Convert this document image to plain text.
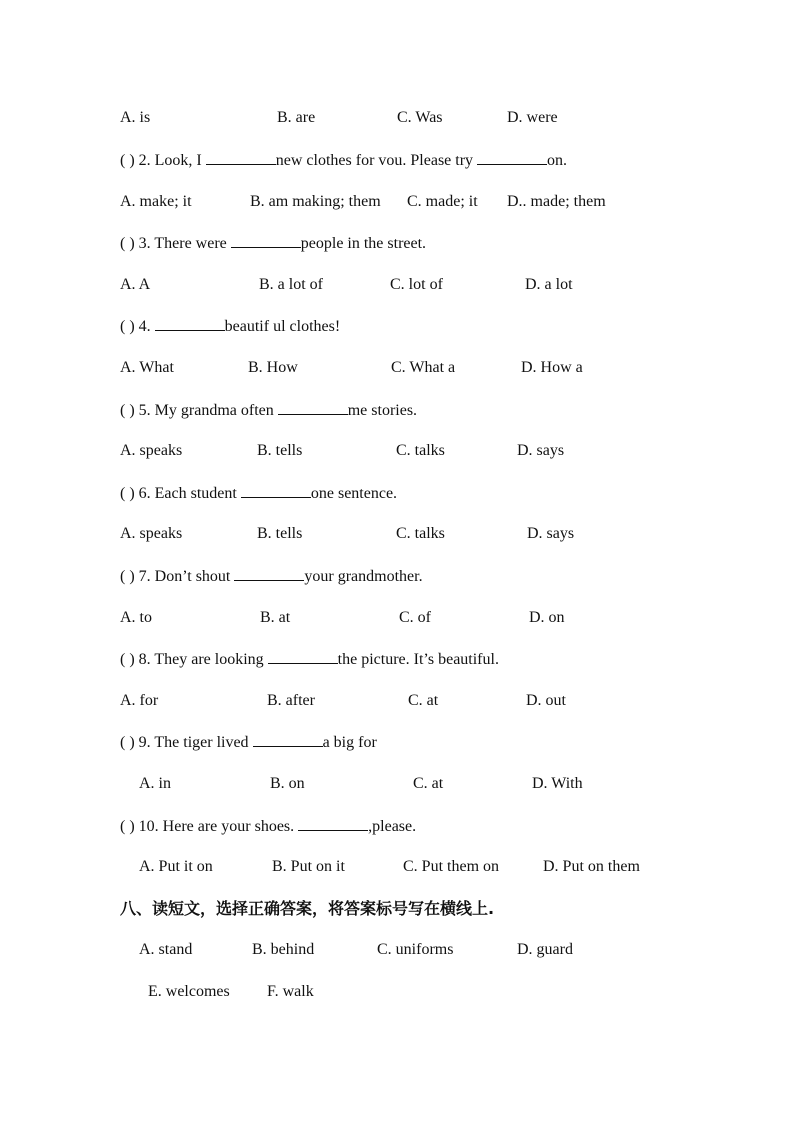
A. is	B. are	C. Was	D. were
( ) 2. Look, I	new clothes for vou. Please try	on.
A. make; it	B. am making; them C. made; it D.. made; them
( ) 3. There were	people in the street.
A. A	B. a lot of	C. lot of	D. a lot
( ) 4.	beautif ul clothes!
A. What	B. How	C. What a	D. How a
( ) 5. My grandma often	me stories.
A. speaks	B. tells	C. talks	D. says
( ) 6. Each student	one sentence.
A. speaks	B. tells	C. talks	D. says
( ) 7. Don’t shout	your grandmother.
A. to	B. at	C. of	D. on
( ) 8. They are looking	the picture. It’s beautiful.
A. for	B. after	C. at	D. out
( ) 9. The tiger lived	a big for
A. in	B. on	C. at	D. With
( ) 10. Here are your shoes.	,please.
A. Put it on	B. Put on it	C. Put them on	D. Put on them
八、读短文，选择正确答案，将答案标号写在横线上.
A. stand	B. behind	C. uniforms	D. guard
E. welcomes F. walk
